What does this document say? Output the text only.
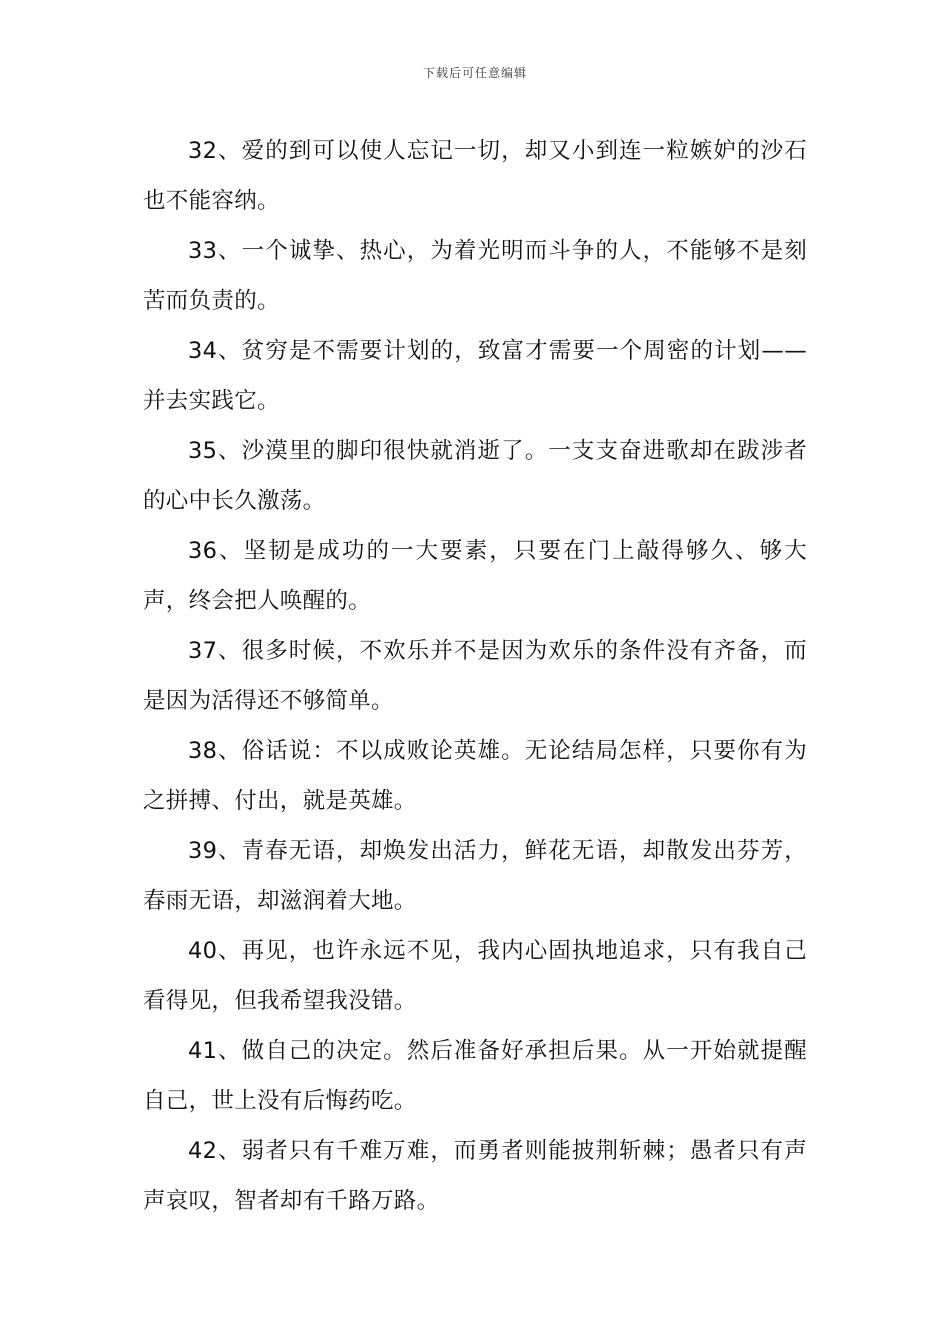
下载后可任意编辑

32、爱的到可以使人忘记一切，却又小到连一粒嫉妒的沙石也不能容纳。

33、一个诚挚、热心，为着光明而斗争的人，不能够不是刻苦而负责的。

34、贫穷是不需要计划的，致富才需要一个周密的计划——并去实践它。

35、沙漠里的脚印很快就消逝了。一支支奋进歌却在跋涉者的心中长久激荡。

36、坚韧是成功的一大要素，只要在门上敲得够久、够大声，终会把人唤醒的。

37、很多时候，不欢乐并不是因为欢乐的条件没有齐备，而是因为活得还不够简单。

38、俗话说：不以成败论英雄。无论结局怎样，只要你有为之拼搏、付出，就是英雄。

39、青春无语，却焕发出活力，鲜花无语，却散发出芬芳，春雨无语，却滋润着大地。

40、再见，也许永远不见，我内心固执地追求，只有我自己看得见，但我希望我没错。

41、做自己的决定。然后准备好承担后果。从一开始就提醒自己，世上没有后悔药吃。

42、弱者只有千难万难，而勇者则能披荆斩棘；愚者只有声声哀叹，智者却有千路万路。
